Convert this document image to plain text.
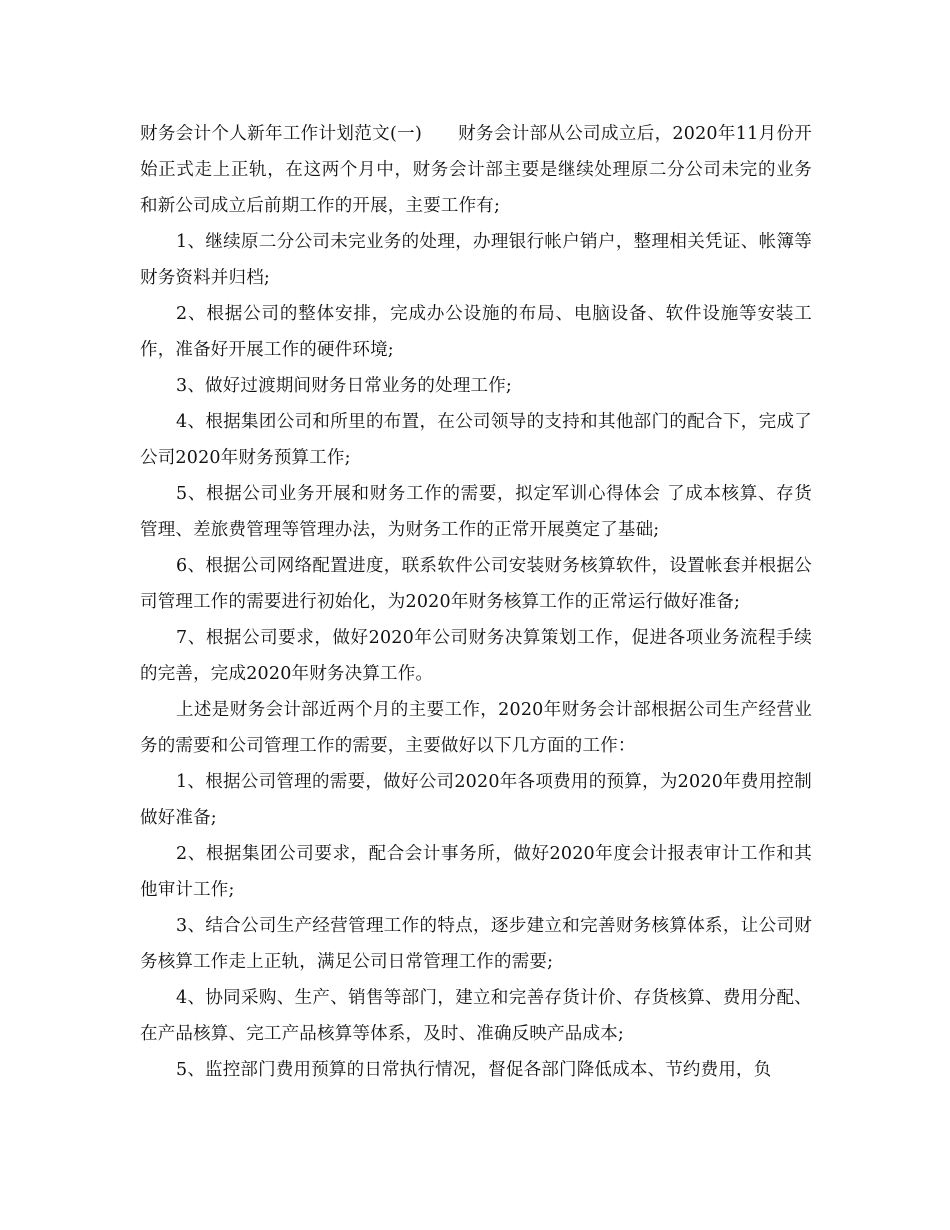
财务会计个人新年工作计划范文(一) 财务会计部从公司成立后，2020年11月份开始正式走上正轨，在这两个月中，财务会计部主要是继续处理原二分公司未完的业务和新公司成立后前期工作的开展，主要工作有;

1、继续原二分公司未完业务的处理，办理银行帐户销户，整理相关凭证、帐簿等财务资料并归档;

2、根据公司的整体安排，完成办公设施的布局、电脑设备、软件设施等安装工作，准备好开展工作的硬件环境;

3、做好过渡期间财务日常业务的处理工作;

4、根据集团公司和所里的布置，在公司领导的支持和其他部门的配合下，完成了公司2020年财务预算工作;

5、根据公司业务开展和财务工作的需要，拟定军训心得体会 了成本核算、存货管理、差旅费管理等管理办法，为财务工作的正常开展奠定了基础;

6、根据公司网络配置进度，联系软件公司安装财务核算软件，设置帐套并根据公司管理工作的需要进行初始化，为2020年财务核算工作的正常运行做好准备;

7、根据公司要求，做好2020年公司财务决算策划工作，促进各项业务流程手续的完善，完成2020年财务决算工作。

上述是财务会计部近两个月的主要工作，2020年财务会计部根据公司生产经营业务的需要和公司管理工作的需要，主要做好以下几方面的工作：

1、根据公司管理的需要，做好公司2020年各项费用的预算，为2020年费用控制做好准备;

2、根据集团公司要求，配合会计事务所，做好2020年度会计报表审计工作和其他审计工作;

3、结合公司生产经营管理工作的特点，逐步建立和完善财务核算体系，让公司财务核算工作走上正轨，满足公司日常管理工作的需要;

4、协同采购、生产、销售等部门，建立和完善存货计价、存货核算、费用分配、在产品核算、完工产品核算等体系，及时、准确反映产品成本;

5、监控部门费用预算的日常执行情况，督促各部门降低成本、节约费用，负
